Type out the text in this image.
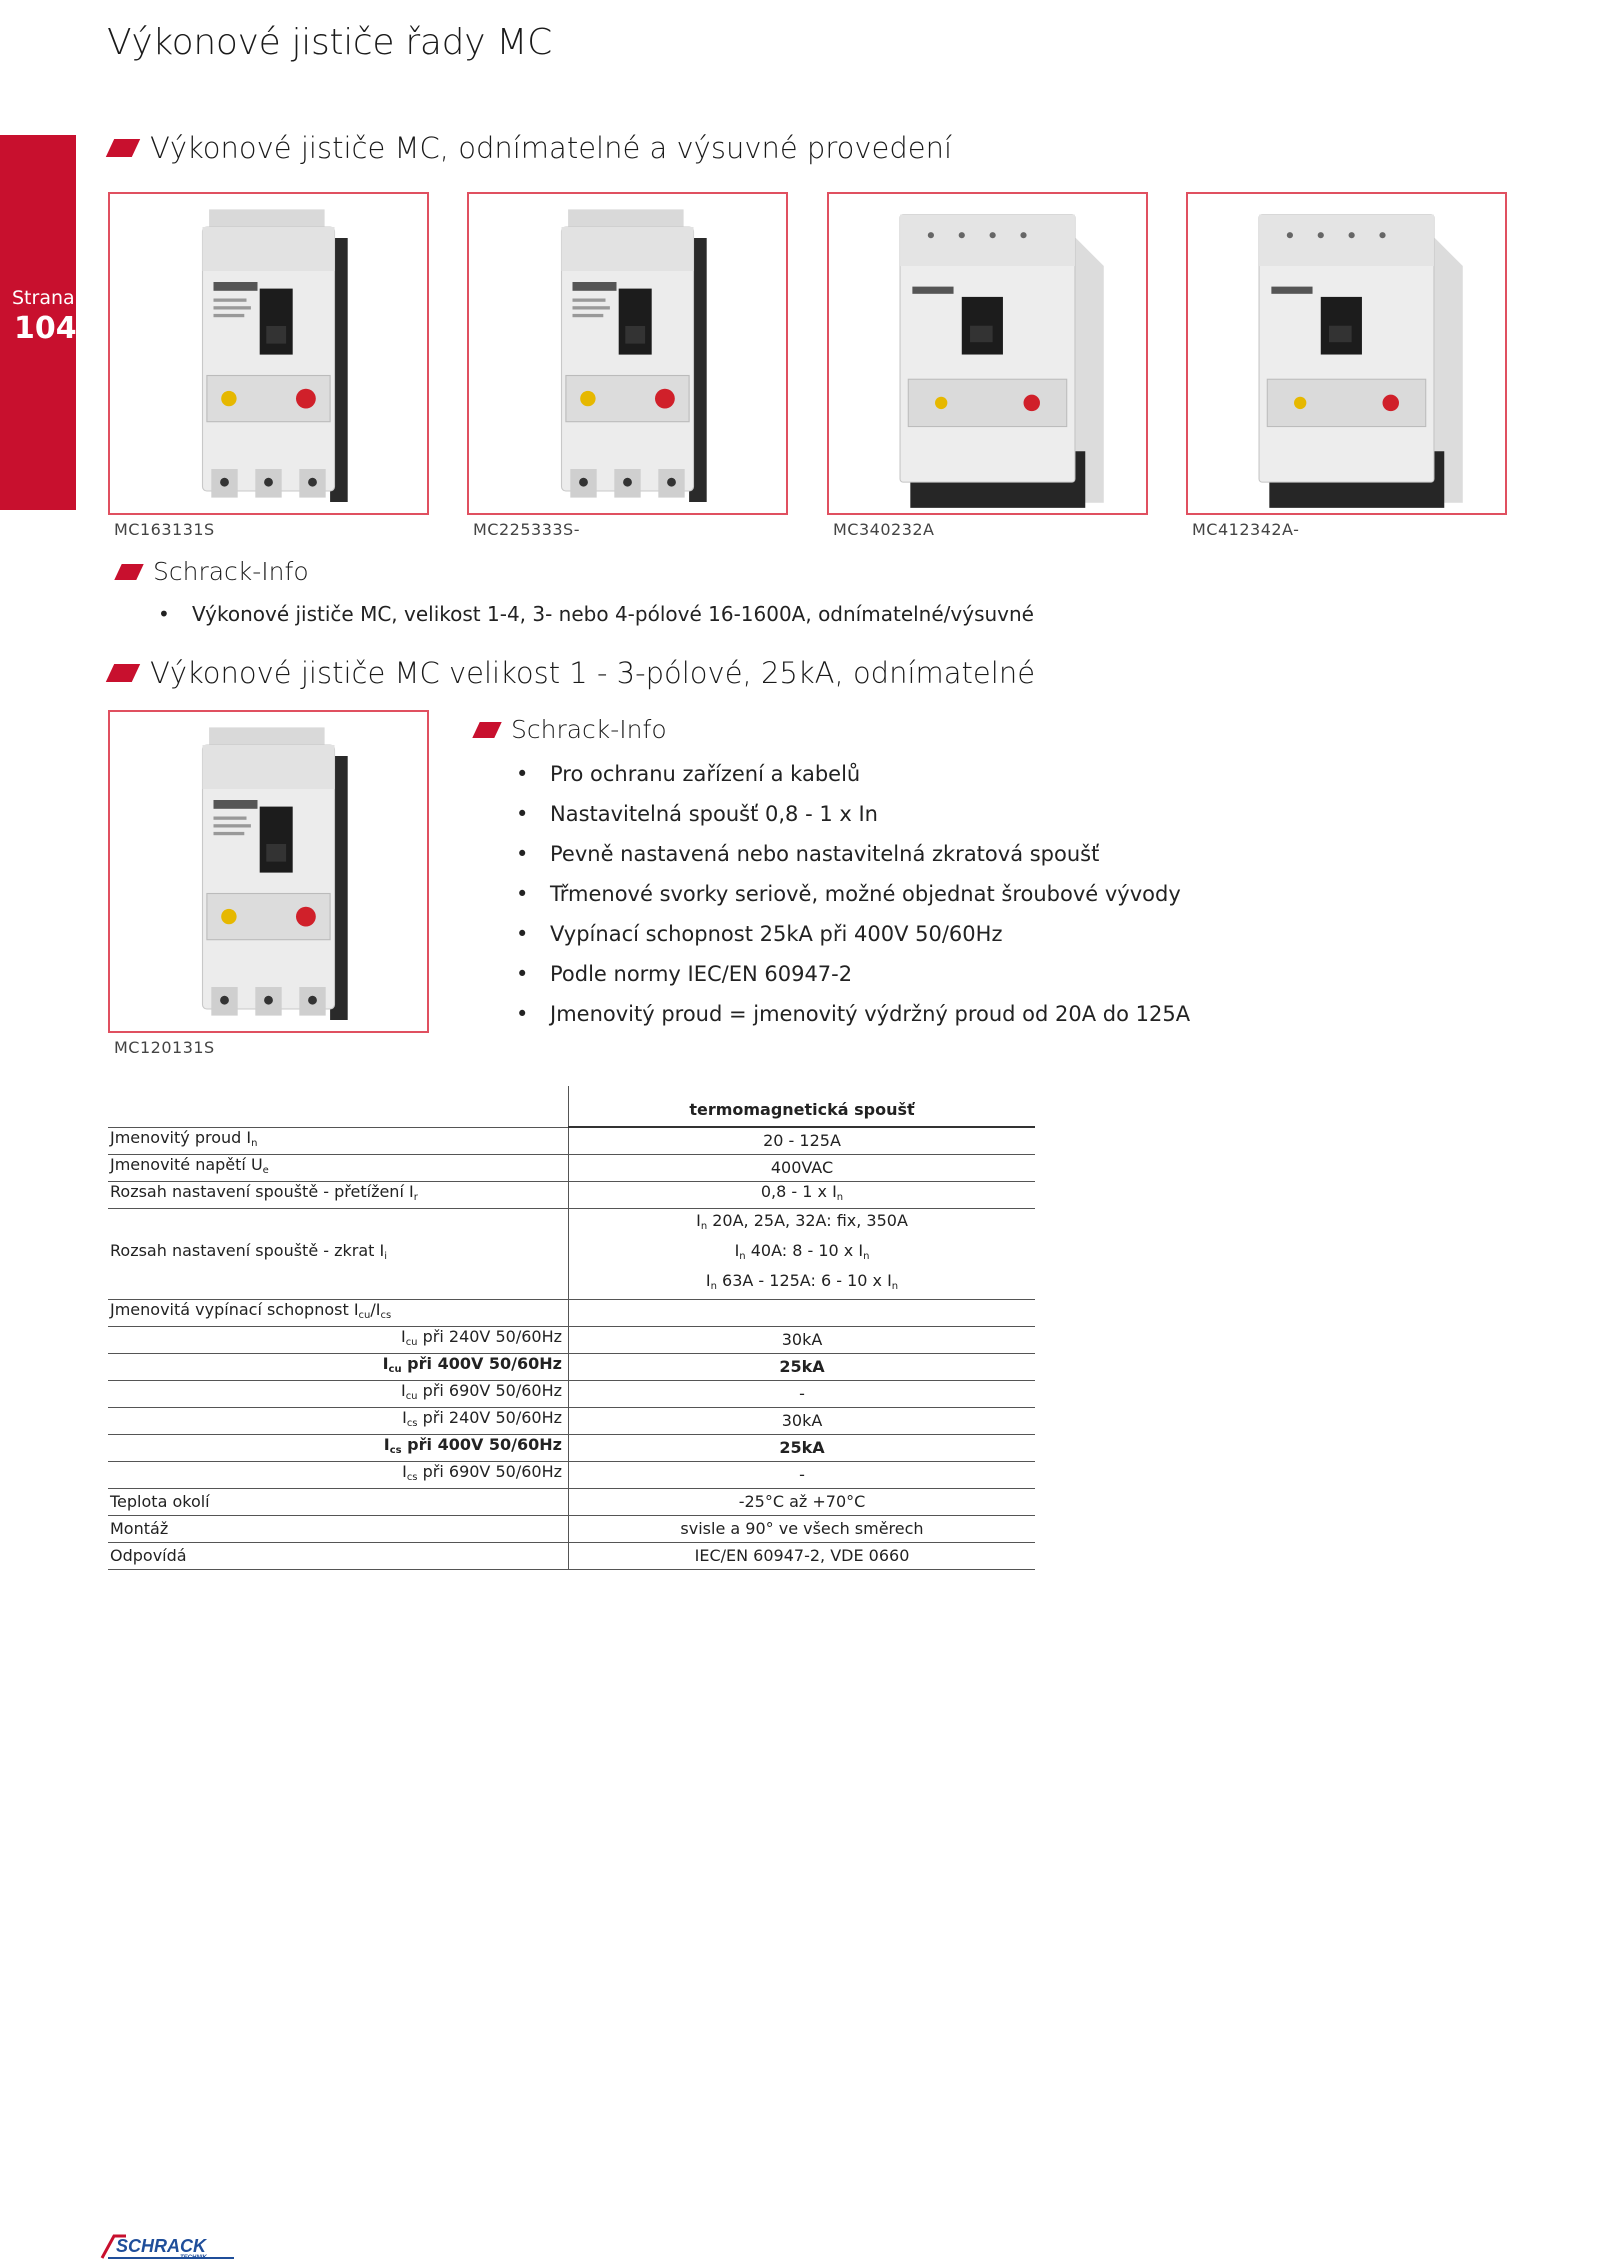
Výkonové jističe řady MC
Strana
104
Výkonové jističe MC, odnímatelné a výsuvné provedení
MC163131S	MC225333S-	MC340232A	MC412342A-
Schrack-Info
• Výkonové jističe MC, velikost 1-4, 3- nebo 4-pólové 16-1600A, odnímatelné/výsuvné
Výkonové jističe MC velikost 1 - 3-pólové, 25kA, odnímatelné
MC120131S
Schrack-Info
• Pro ochranu zařízení a kabelů
• Nastavitelná spoušť 0,8 - 1 x In
• Pevně nastavená nebo nastavitelná zkratová spoušť
• Třmenové svorky seriově, možné objednat šroubové vývody
• Vypínací schopnost 25kA při 400V 50/60Hz
• Podle normy IEC/EN 60947-2
• Jmenovitý proud = jmenovitý výdržný proud od 20A do 125A
	termomagnetická spoušť
Jmenovitý proud In	20 - 125A
Jmenovité napětí Ue	400VAC
Rozsah nastavení spouště - přetížení Ir	0,8 - 1 x In
Rozsah nastavení spouště - zkrat Ii	In 20A, 25A, 32A: fix, 350A
In 40A: 8 - 10 x In
In 63A - 125A: 6 - 10 x In

Jmenovitá vypínací schopnost Icu/Ics	
Icu při 240V 50/60Hz	30kA
Icu při 400V 50/60Hz	25kA
Icu při 690V 50/60Hz	-
Ics při 240V 50/60Hz	30kA
Ics při 400V 50/60Hz	25kA
Ics při 690V 50/60Hz	-
Teplota okolí	-25°C až +70°C
Montáž	svisle a 90° ve všech směrech
Odpovídá	IEC/EN 60947-2, VDE 0660
SCHRACK
TECHNIK
